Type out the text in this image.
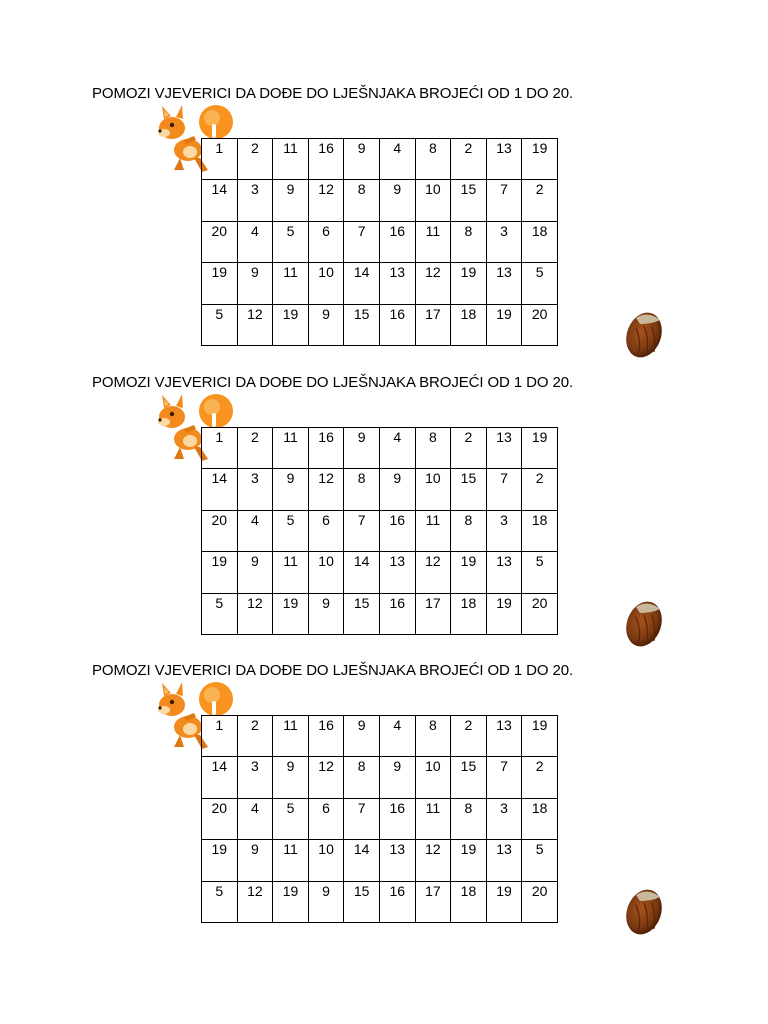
POMOZI VJEVERICI DA DOĐE DO LJEŠNJAKA BROJEĆI OD 1 DO 20.
1	2	11	16	9	4	8	2	13	19
14	3	9	12	8	9	10	15	7	2
20	4	5	6	7	16	11	8	3	18
19	9	11	10	14	13	12	19	13	5
5	12	19	9	15	16	17	18	19	20
POMOZI VJEVERICI DA DOĐE DO LJEŠNJAKA BROJEĆI OD 1 DO 20.
1	2	11	16	9	4	8	2	13	19
14	3	9	12	8	9	10	15	7	2
20	4	5	6	7	16	11	8	3	18
19	9	11	10	14	13	12	19	13	5
5	12	19	9	15	16	17	18	19	20
POMOZI VJEVERICI DA DOĐE DO LJEŠNJAKA BROJEĆI OD 1 DO 20.
1	2	11	16	9	4	8	2	13	19
14	3	9	12	8	9	10	15	7	2
20	4	5	6	7	16	11	8	3	18
19	9	11	10	14	13	12	19	13	5
5	12	19	9	15	16	17	18	19	20
